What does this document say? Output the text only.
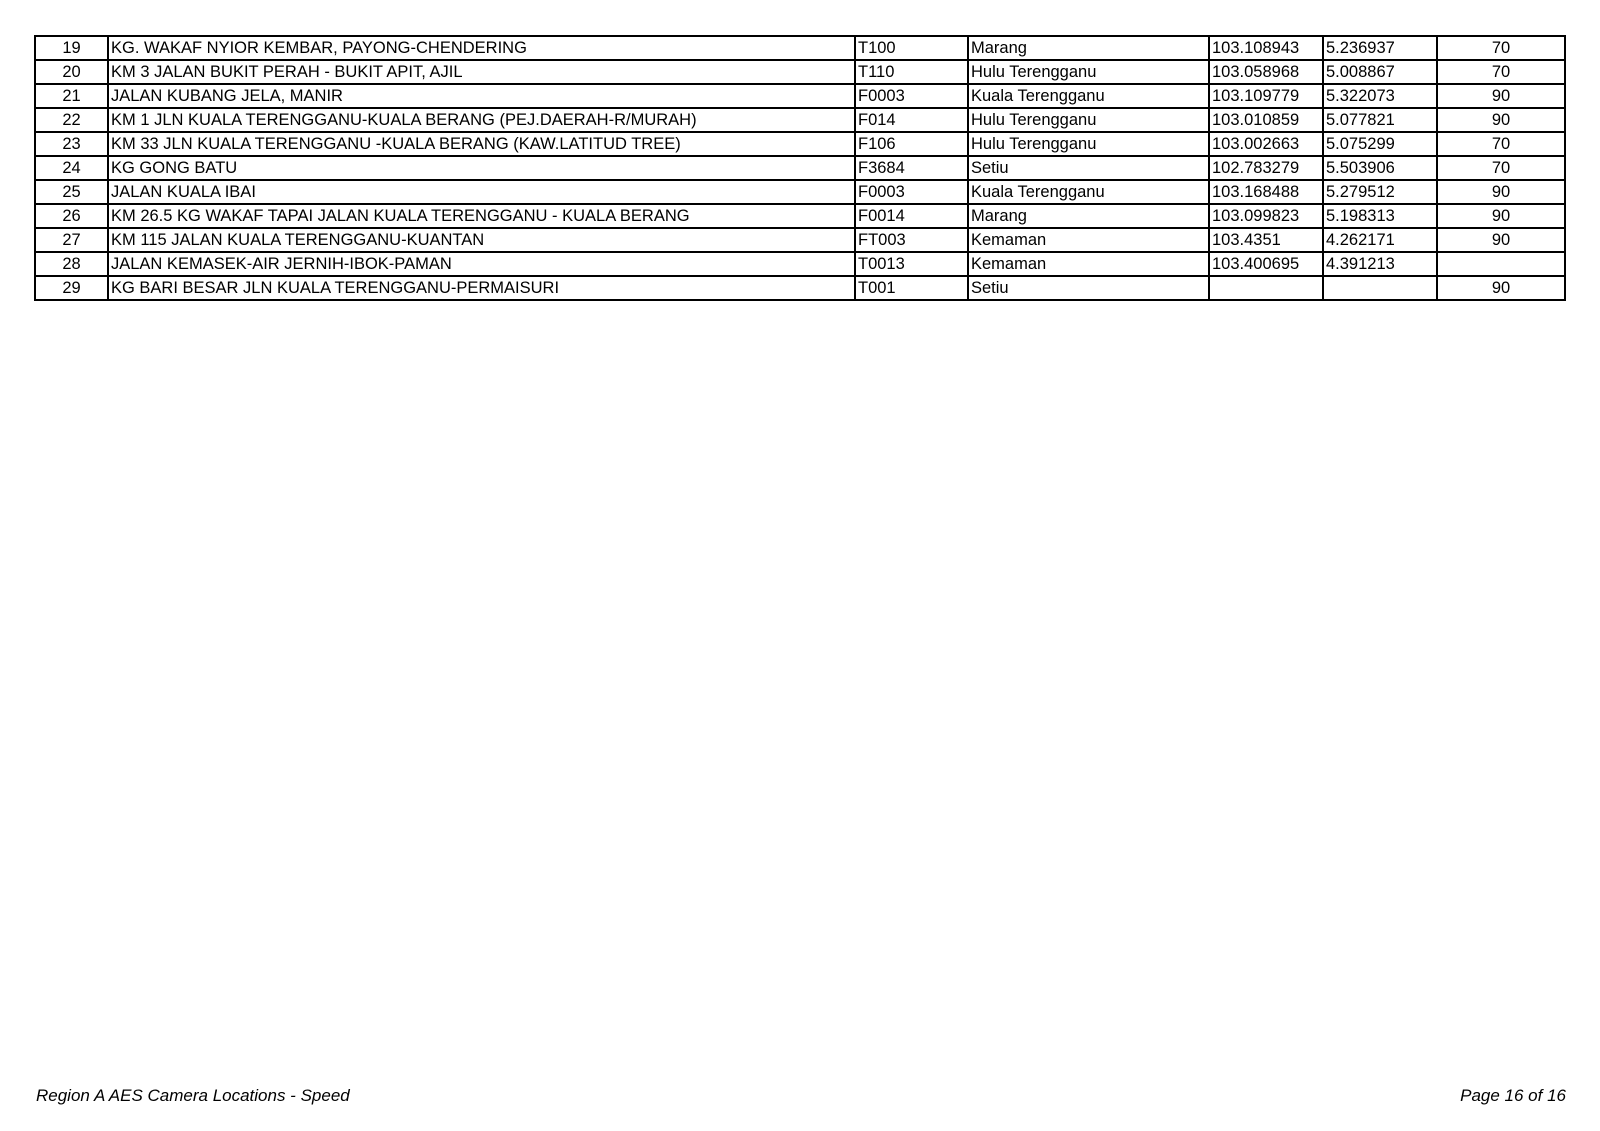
19	KG. WAKAF NYIOR KEMBAR, PAYONG-CHENDERING	T100	Marang	103.108943	5.236937	70
20	KM 3 JALAN BUKIT PERAH - BUKIT APIT, AJIL	T110	Hulu Terengganu	103.058968	5.008867	70
21	JALAN KUBANG JELA, MANIR	F0003	Kuala Terengganu	103.109779	5.322073	90
22	KM 1 JLN KUALA TERENGGANU-KUALA BERANG (PEJ.DAERAH-R/MURAH)	F014	Hulu Terengganu	103.010859	5.077821	90
23	KM 33 JLN KUALA TERENGGANU -KUALA BERANG (KAW.LATITUD TREE)	F106	Hulu Terengganu	103.002663	5.075299	70
24	KG GONG BATU	F3684	Setiu	102.783279	5.503906	70
25	JALAN KUALA IBAI	F0003	Kuala Terengganu	103.168488	5.279512	90
26	KM 26.5 KG WAKAF TAPAI JALAN KUALA TERENGGANU - KUALA BERANG	F0014	Marang	103.099823	5.198313	90
27	KM 115 JALAN KUALA TERENGGANU-KUANTAN	FT003	Kemaman	103.4351	4.262171	90
28	JALAN KEMASEK-AIR JERNIH-IBOK-PAMAN	T0013	Kemaman	103.400695	4.391213	
29	KG BARI BESAR JLN KUALA TERENGGANU-PERMAISURI	T001	Setiu			90
Region A AES Camera Locations - Speed	Page 16 of 16
